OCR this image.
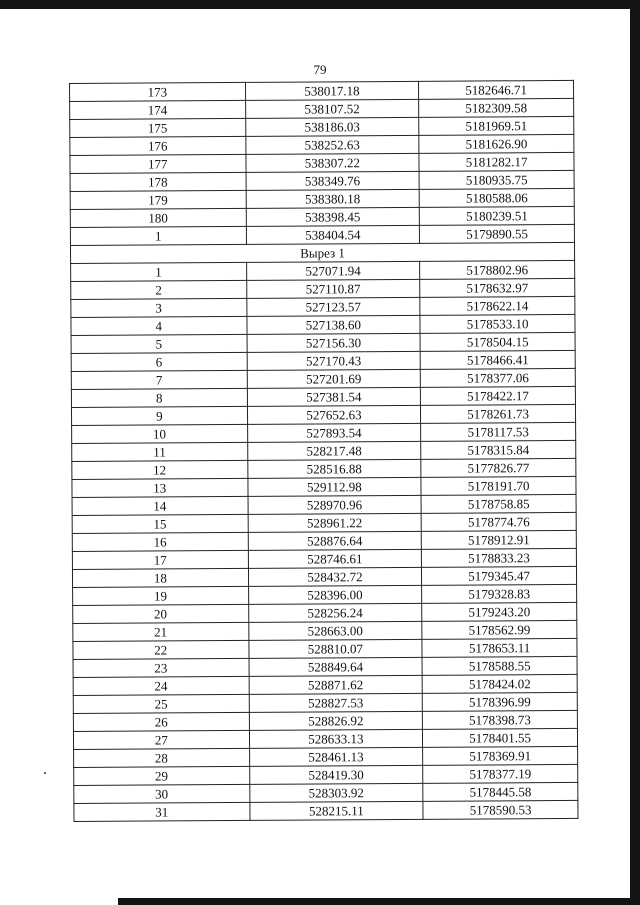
79
173	538017.18	5182646.71
174	538107.52	5182309.58
175	538186.03	5181969.51
176	538252.63	5181626.90
177	538307.22	5181282.17
178	538349.76	5180935.75
179	538380.18	5180588.06
180	538398.45	5180239.51
1	538404.54	5179890.55
Вырез 1		
1	527071.94	5178802.96
2	527110.87	5178632.97
3	527123.57	5178622.14
4	527138.60	5178533.10
5	527156.30	5178504.15
6	527170.43	5178466.41
7	527201.69	5178377.06
8	527381.54	5178422.17
9	527652.63	5178261.73
10	527893.54	5178117.53
11	528217.48	5178315.84
12	528516.88	5177826.77
13	529112.98	5178191.70
14	528970.96	5178758.85
15	528961.22	5178774.76
16	528876.64	5178912.91
17	528746.61	5178833.23
18	528432.72	5179345.47
19	528396.00	5179328.83
20	528256.24	5179243.20
21	528663.00	5178562.99
22	528810.07	5178653.11
23	528849.64	5178588.55
24	528871.62	5178424.02
25	528827.53	5178396.99
26	528826.92	5178398.73
27	528633.13	5178401.55
28	528461.13	5178369.91
29	528419.30	5178377.19
30	528303.92	5178445.58
31	528215.11	5178590.53
